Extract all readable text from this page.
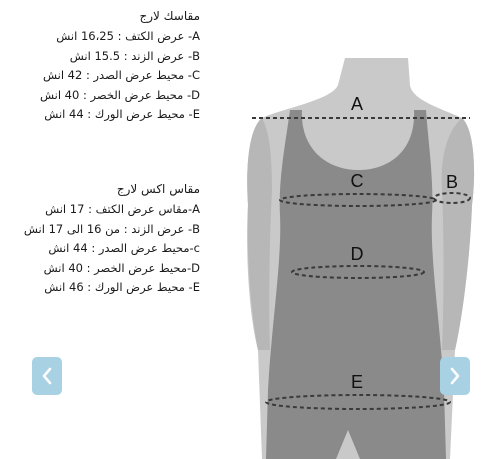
مقاسك لارج
A- عرض الكتف : 16،25 انش
B- عرض الزند : 15.5 انش
C- محيط عرض الصدر : 42 انش
D- محيط عرض الخصر : 40 انش
E- محيط عرض الورك : 44 انش
مقاس اكس لارج
A-مقاس عرض الكتف : 17 انش
B- عرض الزند : من 16 الى 17 انش
c-محيط عرض الصدر : 44 انش
D-محيط عرض الخصر : 40 انش
E- محيط عرض الورك : 46 انش
A
B
C
D
E
